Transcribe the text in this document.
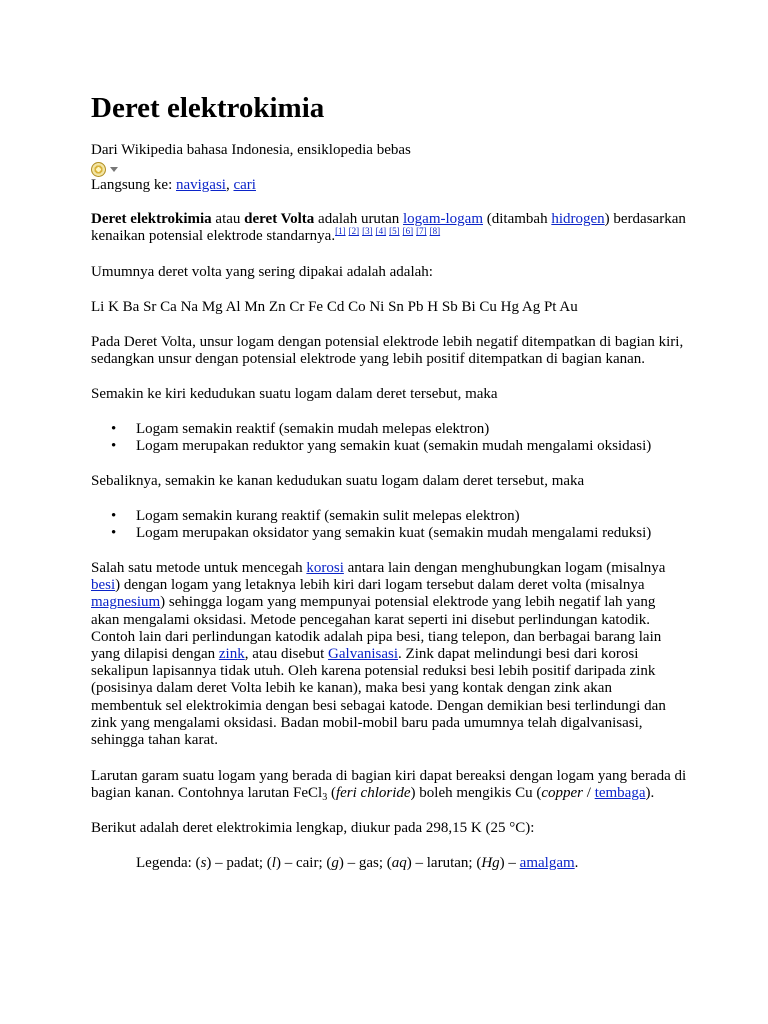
Deret elektrokimia
Dari Wikipedia bahasa Indonesia, ensiklopedia bebas
Langsung ke: navigasi, cari

Deret elektrokimia atau deret Volta adalah urutan logam-logam (ditambah hidrogen) berdasarkan kenaikan potensial elektrode standarnya.[1] [2] [3] [4] [5] [6] [7] [8]

Umumnya deret volta yang sering dipakai adalah adalah:

Li K Ba Sr Ca Na Mg Al Mn Zn Cr Fe Cd Co Ni Sn Pb H Sb Bi Cu Hg Ag Pt Au

Pada Deret Volta, unsur logam dengan potensial elektrode lebih negatif ditempatkan di bagian kiri, sedangkan unsur dengan potensial elektrode yang lebih positif ditempatkan di bagian kanan.

Semakin ke kiri kedudukan suatu logam dalam deret tersebut, maka

• Logam semakin reaktif (semakin mudah melepas elektron)
• Logam merupakan reduktor yang semakin kuat (semakin mudah mengalami oksidasi)

Sebaliknya, semakin ke kanan kedudukan suatu logam dalam deret tersebut, maka

• Logam semakin kurang reaktif (semakin sulit melepas elektron)
• Logam merupakan oksidator yang semakin kuat (semakin mudah mengalami reduksi)

Salah satu metode untuk mencegah korosi antara lain dengan menghubungkan logam (misalnya besi) dengan logam yang letaknya lebih kiri dari logam tersebut dalam deret volta (misalnya magnesium) sehingga logam yang mempunyai potensial elektrode yang lebih negatif lah yang akan mengalami oksidasi. Metode pencegahan karat seperti ini disebut perlindungan katodik. Contoh lain dari perlindungan katodik adalah pipa besi, tiang telepon, dan berbagai barang lain yang dilapisi dengan zink, atau disebut Galvanisasi. Zink dapat melindungi besi dari korosi sekalipun lapisannya tidak utuh. Oleh karena potensial reduksi besi lebih positif daripada zink (posisinya dalam deret Volta lebih ke kanan), maka besi yang kontak dengan zink akan membentuk sel elektrokimia dengan besi sebagai katode. Dengan demikian besi terlindungi dan zink yang mengalami oksidasi. Badan mobil-mobil baru pada umumnya telah digalvanisasi, sehingga tahan karat.

Larutan garam suatu logam yang berada di bagian kiri dapat bereaksi dengan logam yang berada di bagian kanan. Contohnya larutan FeCl$_3$ (feri chloride) boleh mengikis Cu (copper / tembaga).

Berikut adalah deret elektrokimia lengkap, diukur pada 298,15 K (25 °C):

Legenda: (s) – padat; (l) – cair; (g) – gas; (aq) – larutan; (Hg) – amalgam.
